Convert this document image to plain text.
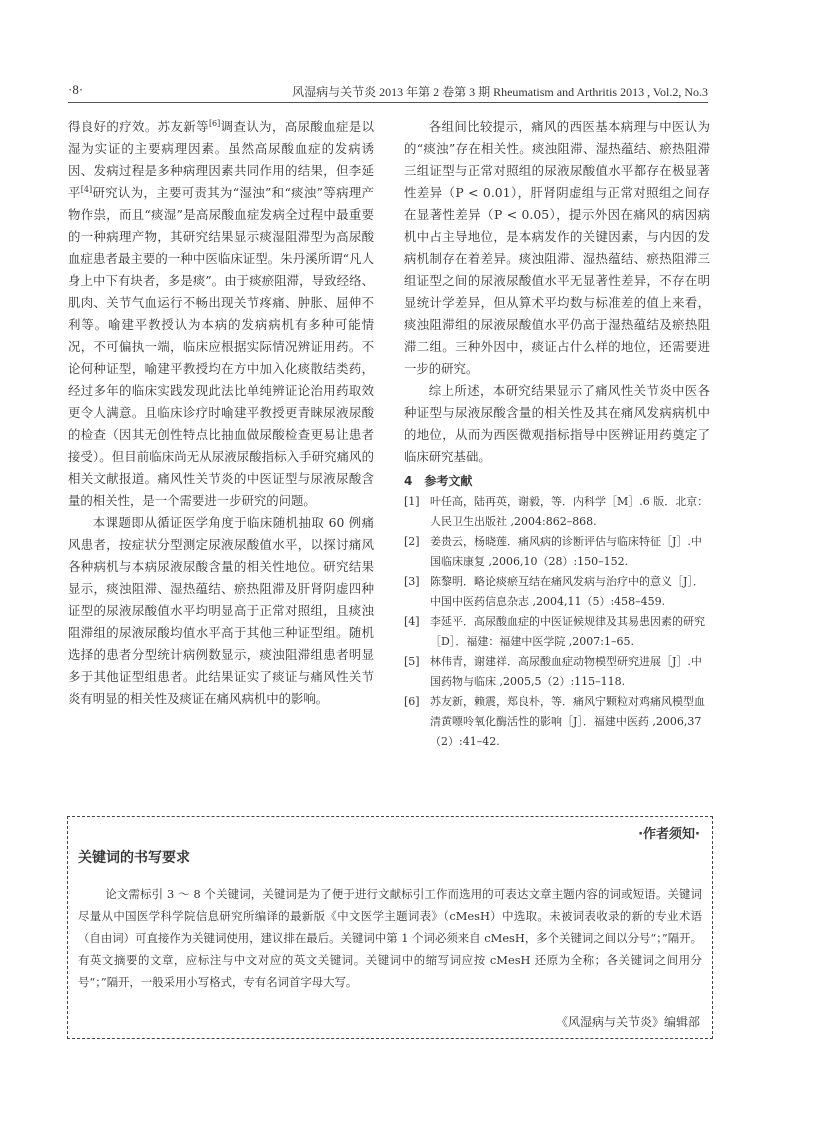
·8·	风湿病与关节炎 2013 年第 2 卷第 3 期 Rheumatism and Arthritis 2013 , Vol.2, No.3

得良好的疗效。苏友新等[6]调查认为，高尿酸血症是以湿为实证的主要病理因素。虽然高尿酸血症的发病诱因、发病过程是多种病理因素共同作用的结果，但李延平[4]研究认为，主要可责其为“湿浊”和“痰浊”等病理产物作祟，而且“痰湿”是高尿酸血症发病全过程中最重要的一种病理产物，其研究结果显示痰湿阻滞型为高尿酸血症患者最主要的一种中医临床证型。朱丹溪所谓“凡人身上中下有块者，多是痰”。由于痰瘀阻滞，导致经络、肌肉、关节气血运行不畅出现关节疼痛、肿胀、屈伸不利等。喻建平教授认为本病的发病病机有多种可能情况，不可偏执一端，临床应根据实际情况辨证用药。不论何种证型，喻建平教授均在方中加入化痰散结类药，经过多年的临床实践发现此法比单纯辨证论治用药取效更令人满意。且临床诊疗时喻建平教授更青睐尿液尿酸的检查（因其无创性特点比抽血做尿酸检查更易让患者接受）。但目前临床尚无从尿液尿酸指标入手研究痛风的相关文献报道。痛风性关节炎的中医证型与尿液尿酸含量的相关性，是一个需要进一步研究的问题。

本课题即从循证医学角度于临床随机抽取 60 例痛风患者，按症状分型测定尿液尿酸值水平，以探讨痛风各种病机与本病尿液尿酸含量的相关性地位。研究结果显示，痰浊阻滞、湿热蕴结、瘀热阻滞及肝肾阴虚四种证型的尿液尿酸值水平均明显高于正常对照组，且痰浊阻滞组的尿液尿酸均值水平高于其他三种证型组。随机选择的患者分型统计病例数显示，痰浊阻滞组患者明显多于其他证型组患者。此结果证实了痰证与痛风性关节炎有明显的相关性及痰证在痛风病机中的影响。

各组间比较提示，痛风的西医基本病理与中医认为的“痰浊”存在相关性。痰浊阻滞、湿热蕴结、瘀热阻滞三组证型与正常对照组的尿液尿酸值水平都存在极显著性差异（P < 0.01），肝肾阴虚组与正常对照组之间存在显著性差异（P < 0.05），提示外因在痛风的病因病机中占主导地位，是本病发作的关键因素，与内因的发病机制存在着差异。痰浊阻滞、湿热蕴结、瘀热阻滞三组证型之间的尿液尿酸值水平无显著性差异，不存在明显统计学差异，但从算术平均数与标准差的值上来看，痰浊阻滞组的尿液尿酸值水平仍高于湿热蕴结及瘀热阻滞二组。三种外因中，痰证占什么样的地位，还需要进一步的研究。

综上所述，本研究结果显示了痛风性关节炎中医各种证型与尿液尿酸含量的相关性及其在痛风发病病机中的地位，从而为西医微观指标指导中医辨证用药奠定了临床研究基础。

4　参考文献
[1] 叶任高，陆再英，谢毅，等．内科学［M］.6 版．北京：人民卫生出版社 ,2004:862–868.
[2] 姜贵云，杨晓莲．痛风病的诊断评估与临床特征［J］.中国临床康复 ,2006,10（28）:150–152.
[3] 陈黎明．略论痰瘀互结在痛风发病与治疗中的意义［J］．中国中医药信息杂志 ,2004,11（5）:458–459.
[4] 李延平．高尿酸血症的中医证候规律及其易患因素的研究［D］．福建：福建中医学院 ,2007:1–65.
[5] 林伟青，谢建祥．高尿酸血症动物模型研究进展［J］.中国药物与临床 ,2005,5（2）:115–118.
[6] 苏友新，赖震，郑良朴，等．痛风宁颗粒对鸡痛风模型血清黄嘌呤氧化酶活性的影响［J］．福建中医药 ,2006,37（2）:41–42.
·作者须知·
关键词的书写要求

论文需标引 3 ～ 8 个关键词，关键词是为了便于进行文献标引工作而选用的可表达文章主题内容的词或短语。关键词尽量从中国医学科学院信息研究所编译的最新版《中文医学主题词表》（cMesH）中选取。未被词表收录的新的专业术语（自由词）可直接作为关键词使用，建议排在最后。关键词中第 1 个词必须来自 cMesH，多个关键词之间以分号“；”隔开。有英文摘要的文章，应标注与中文对应的英文关键词。关键词中的缩写词应按 cMesH 还原为全称；各关键词之间用分号“；”隔开，一般采用小写格式，专有名词首字母大写。

《风湿病与关节炎》编辑部
